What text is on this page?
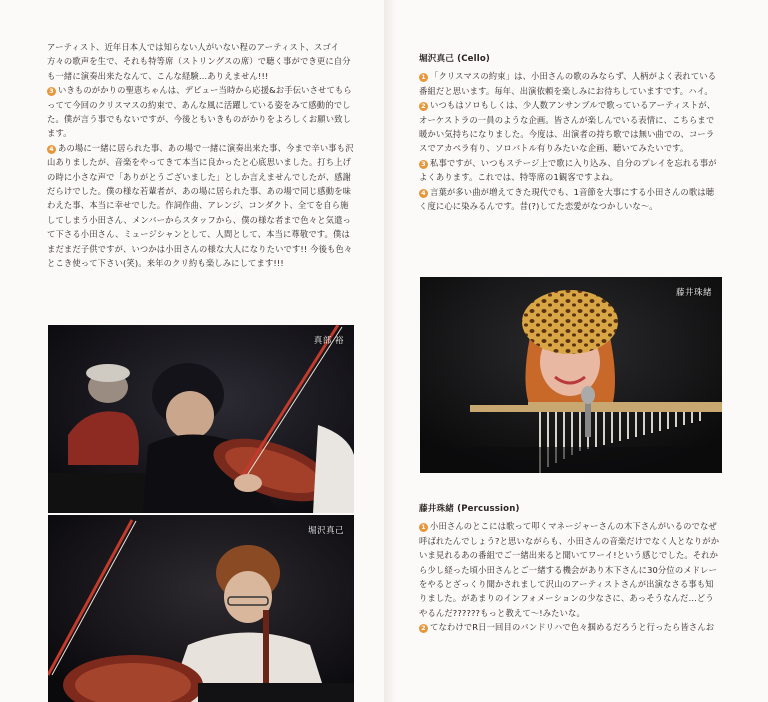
アーティスト、近年日本人では知らない人がいない程のアーティスト、スゴイ方々の歌声を生で、それも特等席（ストリングスの席）で聴く事ができ更に自分も一緒に演奏出来たなんて、こんな経験…ありえません!!!

3 いきものがかりの聖恵ちゃんは、デビュー当時から応援&お手伝いさせてもらってて今回のクリスマスの約束で、あんな風に活躍している姿をみて感動的でした。僕が言う事でもないですが、今後ともいきものがかりをよろしくお願い致します。

4 あの場に一緒に居られた事、あの場で一緒に演奏出来た事、今まで辛い事も沢山ありましたが、音楽をやってきて本当に良かったと心底思いました。打ち上げの時に小さな声で「ありがとうございました」としか言えませんでしたが、感謝だらけでした。僕の様な若輩者が、あの場に居られた事、あの場で同じ感動を味わえた事、本当に幸せでした。作詞作曲、アレンジ、コンダクト、全てを自ら施してしまう小田さん、メンバーからスタッフから、僕の様な者まで色々と気遣って下さる小田さん、ミュージシャンとして、人間として、本当に尊敬です。僕はまだまだ子供ですが、いつかは小田さんの様な大人になりたいです!! 今後も色々とこき使って下さい(笑)。来年のクリ約も楽しみにしてます!!!

真部 裕
堀沢真己
堀沢真己 (Cello)

1 「クリスマスの約束」は、小田さんの歌のみならず、人柄がよく表れている番組だと思います。毎年、出演依頼を楽しみにお待ちしていますです。ハイ。

2 いつもはソロもしくは、少人数アンサンブルで歌っているアーティストが、オーケストラの一員のような企画。皆さんが楽しんでいる表情に、こちらまで暖かい気持ちになりました。今度は、出演者の持ち歌では無い曲での、コーラスでアカペラ有り、ソロバトル有りみたいな企画、聴いてみたいです。

3 私事ですが、いつもステージ上で歌に入り込み、自分のプレイを忘れる事がよくあります。これでは、特等席の1観客ですよね。

4 言葉が多い曲が増えてきた現代でも、1音節を大事にする小田さんの歌は聴く度に心に染みるんです。昔(?)してた恋愛がなつかしいな〜。

藤井珠緒
藤井珠緒 (Percussion)

1 小田さんのとこには歌って叩くマネージャーさんの木下さんがいるのでなぜ呼ばれたんでしょう?と思いながらも、小田さんの音楽だけでなく人となりがかいま見れるあの番組でご一緒出来ると聞いてワーイ!という感じでした。それから少し経った頃小田さんとご一緒する機会があり木下さんに30分位のメドレーをやるとざっくり聞かされまして沢山のアーティストさんが出演なさる事も知りました。があまりのインフォメーションの少なさに、あっそうなんだ…どうやるんだ??????もっと教えて〜!みたいな。

2 てなわけでR日一回目のバンドリハで色々掴めるだろうと行ったら皆さんお
